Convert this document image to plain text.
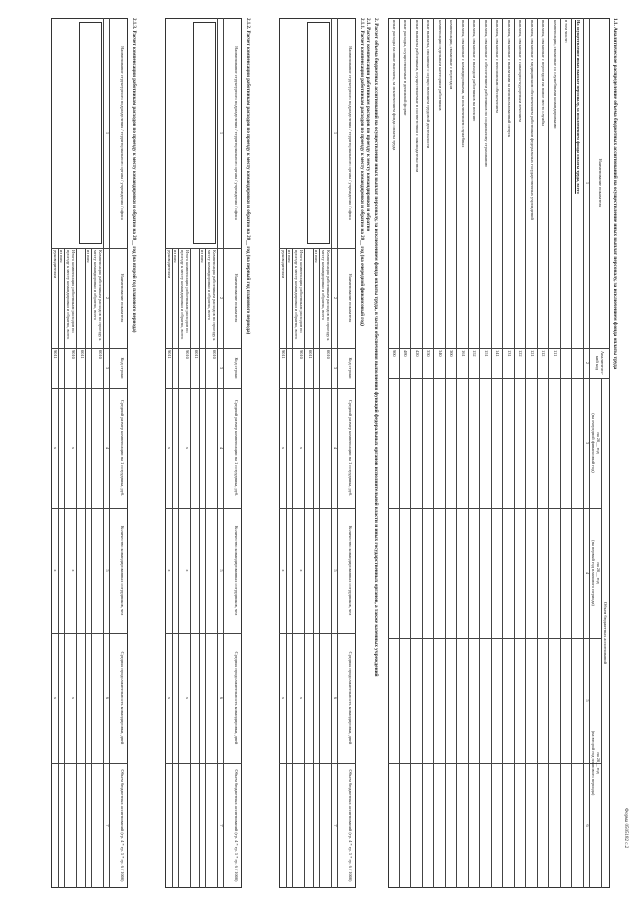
Форма 0505182 с.2
1.1. Аналитическое распределение объема бюджетных ассигнований на осуществление иных выплат персоналу, за исключением фонда оплаты труда
Наименование показателя
Аналитичес-кий код
Объем бюджетных ассигнований
на 20__ год
(на очередной финансовый год)
на 20__ год
(на первый год планового периода)
на 20__ год
(на второй год планового периода)
1
2
3
4
5
6
На осуществление иных выплат персоналу, за исключением фонда оплаты труда, всего
в том числе:
компенсации, связанные со служебными командировками
111
выплаты, связанные с переездом на новое место службы
112
выплаты, связанные с медицинским обеспечением работников федеральных государственных учреждений
121
выплаты, связанные с санаторно-курортным лечением
122
выплаты, связанные с выплатами за неиспользованный отпуск
131
выплаты, связанные с пенсионным обеспечением
141
выплаты, связанные с обеспечением работников по социальному страхованию
151
выплаты, связанные с выходом работников на пенсию
152
выплаты, связанные с командировками, за исключением служебных
161
компенсации, связанные с переездом
300
компенсации отдельным категориям работников
340
иные выплаты, связанные с осуществлением трудовой деятельности
350
иные выплаты работникам, осуществляемые в соответствии с законодательством
420
иные расходы, осуществляемые в денежной форме
480
иные расходы на иные выплаты, за исключением фонда оплаты труда
900
2. Расчет объема бюджетных ассигнований на осуществление иных выплат персоналу, за исключением фонда оплаты труда, в части обеспечения выполнения функций федеральных органов исполнительной власти и иных государственных органов, а также казенных учреждений
2.1. Расчет компенсации работникам расходов по проезду к месту командировки и обратно
2.1.1. Расчет компенсации работникам расходов по проезду к месту командировки и обратно на 20__ год (на очередной финансовый год)
Наименование структурного подразделения / территориального органа / учреждения / офиса
Наименование показателя
Код строки
Средний размер компенсации на 1 сотрудника, руб.
Количество командированных сотрудников, чел
Средняя продолжительность командировки, дней
Объем бюджетных ассигнований (гр. 4 * гр. 5 * гр. 6 / 1000)
1
2
3
4
5
6
7
Компенсация работникам расходов по проезду к месту командировки и обратно, всего
0010
из них:
0011
Итого компенсация работникам расходов по проезду к месту командировки и обратно, всего
9010
x
x
x
из них:
руководителям
9011
x
x
x
2.1.2. Расчет компенсации работникам расходов по проезду к месту командировки и обратно на 20__ год (на первый год планового периода)
Наименование структурного подразделения / территориального органа / учреждения / офиса
Наименование показателя
Код строки
Средний размер компенсации на 1 сотрудника, руб.
Количество командированных сотрудников, чел
Средняя продолжительность командировки, дней
Объем бюджетных ассигнований (гр. 4 * гр. 5 * гр. 6 / 1000)
1
2
3
4
5
6
7
Компенсация работникам расходов по проезду к месту командировки и обратно, всего
0010
из них:
0011
Итого компенсация работникам расходов по проезду к месту командировки и обратно, всего
9010
x
x
x
из них:
руководителям
9011
x
x
x
2.1.3. Расчет компенсации работникам расходов по проезду к месту командировки и обратно на 20__ год (на второй год планового периода)
Наименование структурного подразделения / территориального органа / учреждения / офиса
Наименование показателя
Код строки
Средний размер компенсации на 1 сотрудника, руб.
Количество командированных сотрудников, чел
Средняя продолжительность командировки, дней
Объем бюджетных ассигнований (гр. 4 * гр. 5 * гр. 6 / 1000)
1
2
3
4
5
6
7
Компенсация работникам расходов по проезду к месту командировки и обратно, всего
0010
из них:
0011
Итого компенсация работникам расходов по проезду к месту командировки и обратно, всего
9010
x
x
x
из них:
руководителям
9011
x
x
x
